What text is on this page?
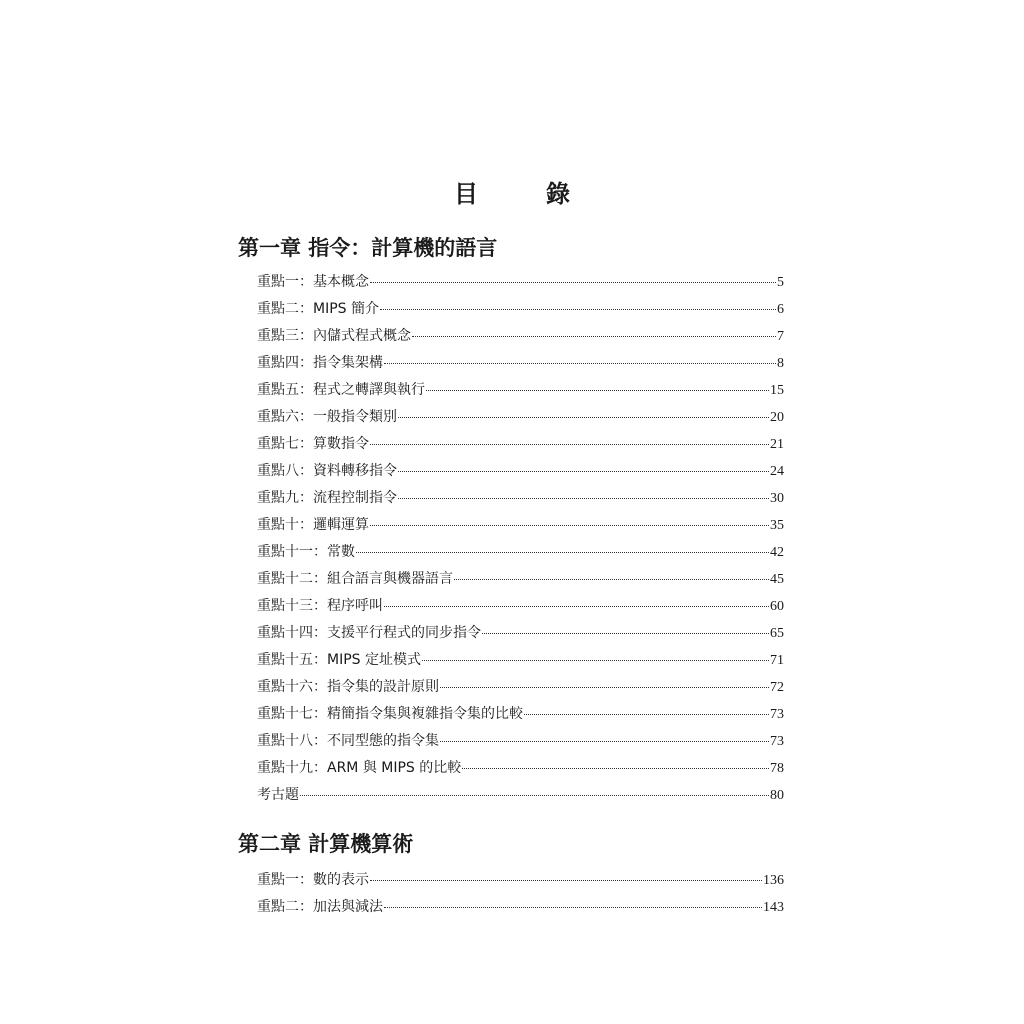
目　錄
第一章 指令：計算機的語言
重點一：基本概念	5
重點二：MIPS 簡介	6
重點三：內儲式程式概念	7
重點四：指令集架構	8
重點五：程式之轉譯與執行	15
重點六：一般指令類別	20
重點七：算數指令	21
重點八：資料轉移指令	24
重點九：流程控制指令	30
重點十：邏輯運算	35
重點十一：常數	42
重點十二：組合語言與機器語言	45
重點十三：程序呼叫	60
重點十四：支援平行程式的同步指令	65
重點十五：MIPS 定址模式	71
重點十六：指令集的設計原則	72
重點十七：精簡指令集與複雜指令集的比較	73
重點十八：不同型態的指令集	73
重點十九：ARM 與 MIPS 的比較	78
考古題	80
第二章 計算機算術
重點一：數的表示	136
重點二：加法與減法	143
